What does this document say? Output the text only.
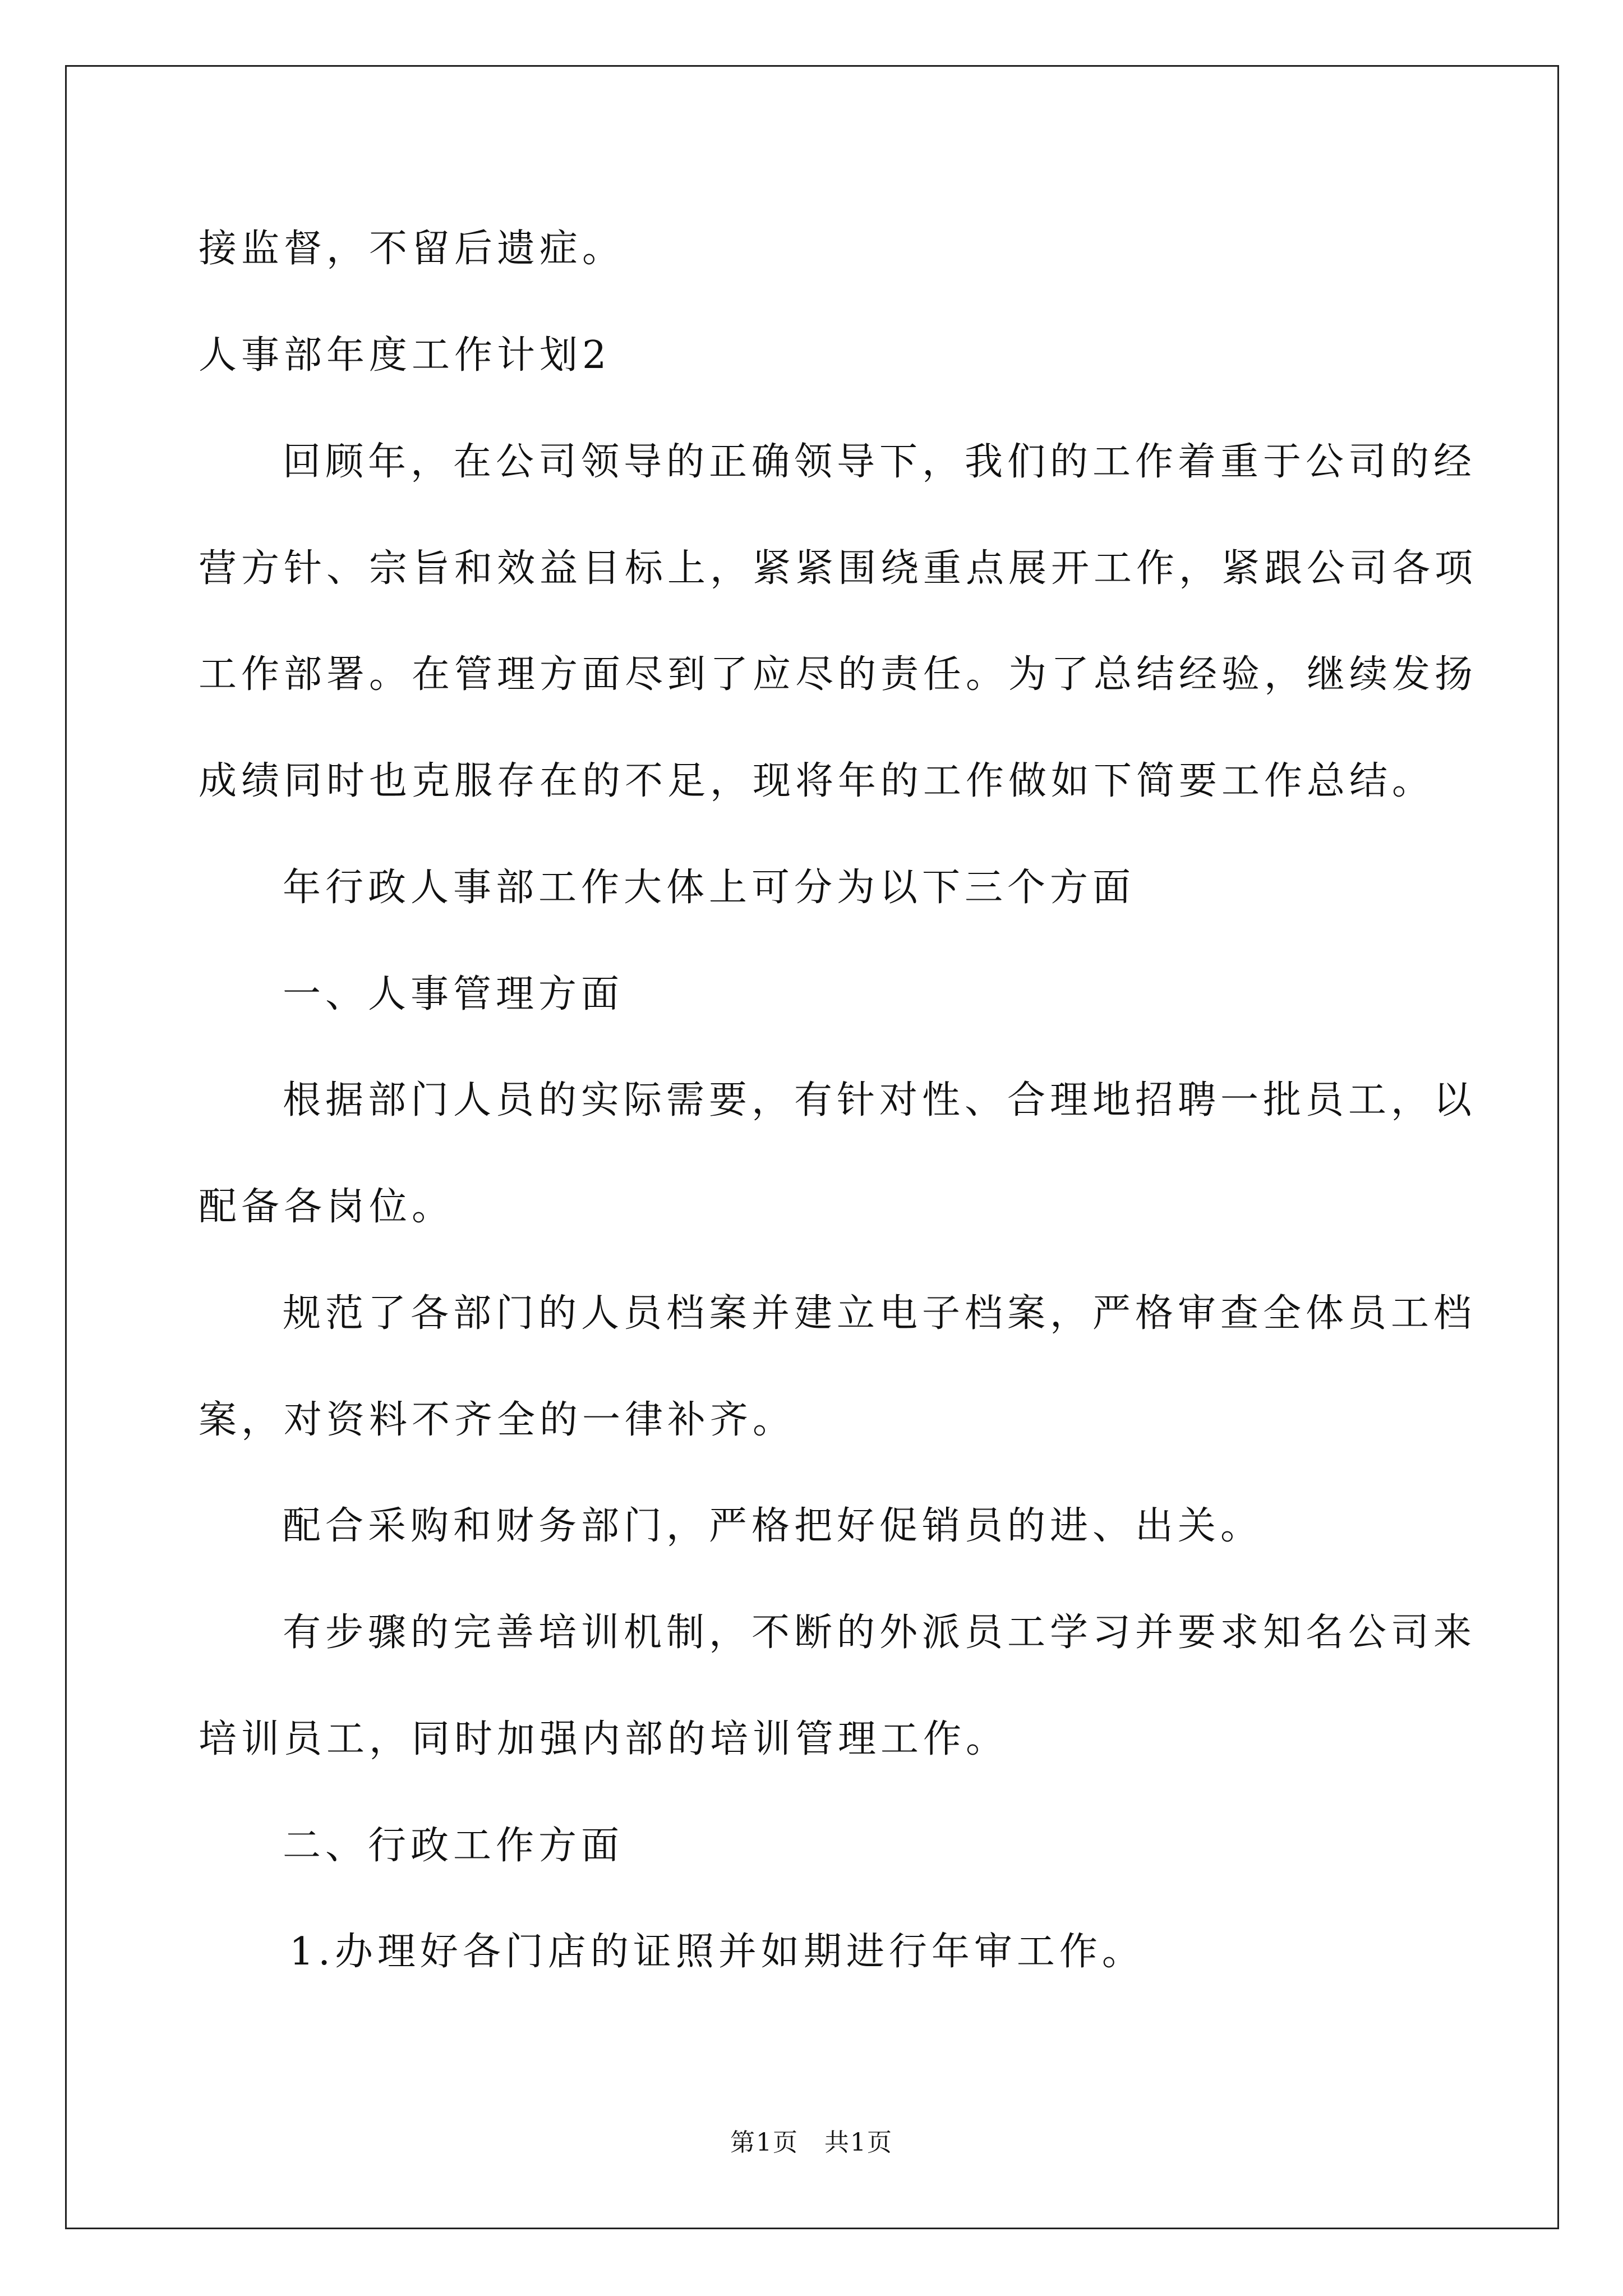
接监督，不留后遗症。
人事部年度工作计划2
回顾年，在公司领导的正确领导下，我们的工作着重于公司的经
营方针、宗旨和效益目标上，紧紧围绕重点展开工作，紧跟公司各项
工作部署。在管理方面尽到了应尽的责任。为了总结经验，继续发扬
成绩同时也克服存在的不足，现将年的工作做如下简要工作总结。
年行政人事部工作大体上可分为以下三个方面
一、人事管理方面
根据部门人员的实际需要，有针对性、合理地招聘一批员工，以
配备各岗位。
规范了各部门的人员档案并建立电子档案，严格审查全体员工档
案，对资料不齐全的一律补齐。
配合采购和财务部门，严格把好促销员的进、出关。
有步骤的完善培训机制，不断的外派员工学习并要求知名公司来
培训员工，同时加强内部的培训管理工作。
二、行政工作方面
1.办理好各门店的证照并如期进行年审工作。
第1页　共1页
